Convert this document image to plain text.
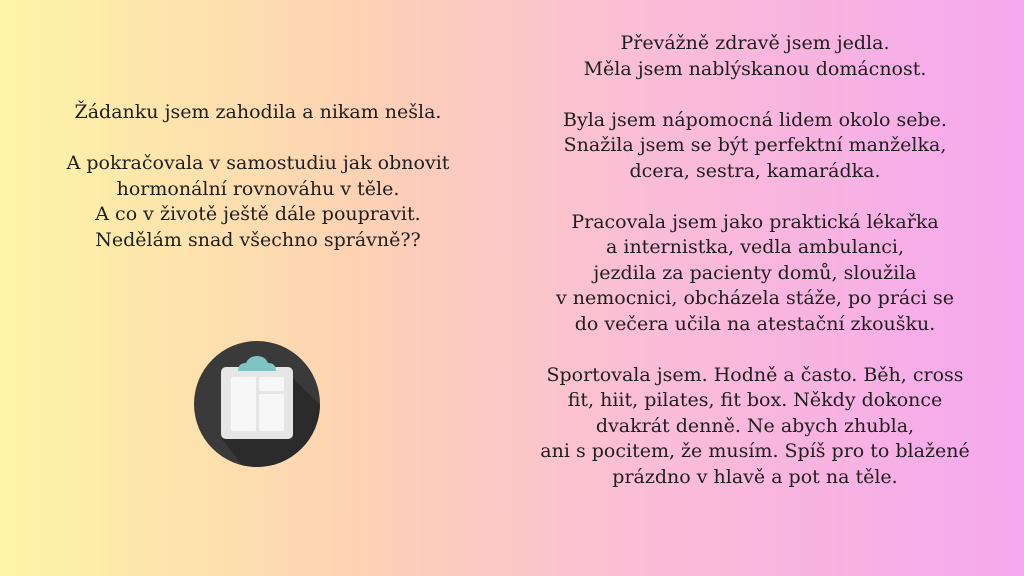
Žádanku jsem zahodila a nikam nešla.

A pokračovala v samostudiu jak obnovit
hormonální rovnováhu v těle.
A co v životě ještě dále poupravit.
Nedělám snad všechno správně??

Převážně zdravě jsem jedla.
Měla jsem nablýskanou domácnost.

Byla jsem nápomocná lidem okolo sebe.
Snažila jsem se být perfektní manželka,
dcera, sestra, kamarádka.

Pracovala jsem jako praktická lékařka
a internistka, vedla ambulanci,
jezdila za pacienty domů, sloužila
v nemocnici, obcházela stáže, po práci se
do večera učila na atestační zkoušku.

Sportovala jsem. Hodně a často. Běh, cross
fit, hiit, pilates, fit box. Někdy dokonce
dvakrát denně. Ne abych zhubla,
ani s pocitem, že musím. Spíš pro to blažené
prázdno v hlavě a pot na těle.
